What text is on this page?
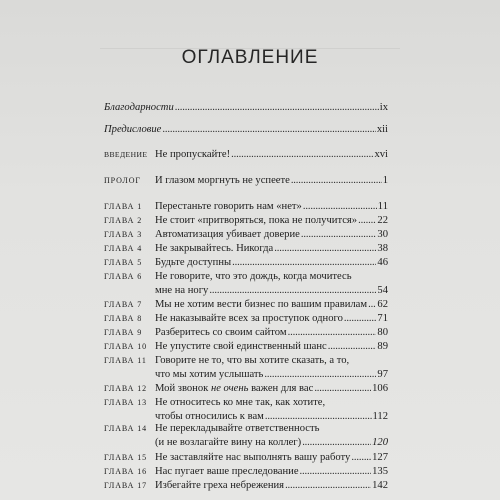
ОГЛАВЛЕНИЕ
Благодарности . . .	ix
Предисловие . . .	xii
ВВЕДЕНИЕ Не пропускайте! . . .	xvi
ПРОЛОГ	И глазом моргнуть не успеете . . .	1
ГЛАВА 1	Перестаньте говорить нам «нет» . . .	11
ГЛАВА 2	Не стоит «притворяться, пока не получится» . . . 22
ГЛАВА 3	Автоматизация убивает доверие . . .	30
ГЛАВА 4	Не закрывайтесь. Никогда . . .	38
ГЛАВА 5	Будьте доступны . . .	46
ГЛАВА 6	Не говорите, что это дождь, когда мочитесь
мне на ногу . . .	54
ГЛАВА 7	Мы не хотим вести бизнес по вашим правилам . . . 62
ГЛАВА 8	Не наказывайте всех за проступок одного . . .	71
ГЛАВА 9	Разберитесь со своим сайтом . . .	80
ГЛАВА 10 Не упустите свой единственный шанс . . .	89
ГЛАВА 11 Говорите не то, что вы хотите сказать, а то,
что мы хотим услышать . . .	97
ГЛАВА 12 Мой звонок не очень важен для вас . . .	106
ГЛАВА 13 Не относитесь ко мне так, как хотите,
чтобы относились к вам . . .	112
ГЛАВА 14 Не перекладывайте ответственность
(и не возлагайте вину на коллег) . . .	120
ГЛАВА 15 Не заставляйте нас выполнять вашу работу . . . 127
ГЛАВА 16 Нас пугает ваше преследование . . .	135
ГЛАВА 17 Избегайте греха небрежения . . .	142
